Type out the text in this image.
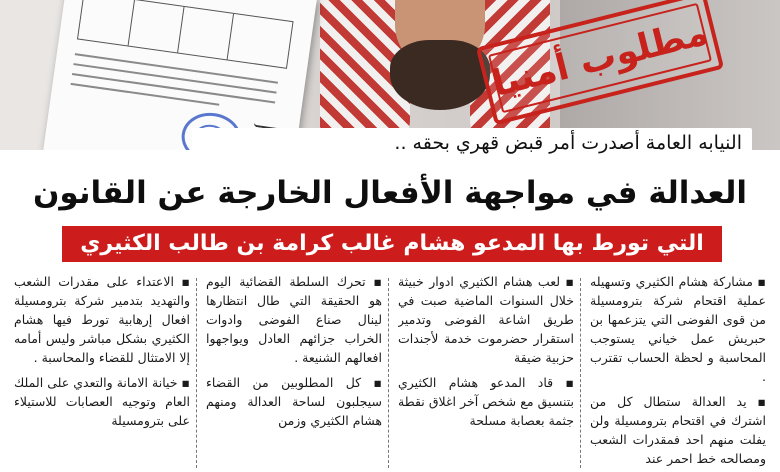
مطلوب أمنيا
النيابه العامة أصدرت أمر قبض قهري بحقه ..
العدالة في مواجهة الأفعال الخارجة عن القانون
التي تورط بها المدعو هشام غالب كرامة بن طالب الكثيري

▪ مشاركة هشام الكثيري وتسهيله عملية اقتحام شركة بترومسيلة من قوى الفوضى التي يتزعمها بن حبريش عمل خياني يستوجب المحاسبة و لحظة الحساب تقترب .

▪ يد العدالة ستطال كل من اشترك في اقتحام بترومسيلة ولن يفلت منهم احد فمقدرات الشعب ومصالحه خط احمر عند

▪ لعب هشام الكثيري ادوار خبيثة خلال السنوات الماضية صبت في طريق اشاعة الفوضى وتدمير استقرار حضرموت خدمة لأجندات حزبية ضيقة

▪ قاد المدعو هشام الكثيري بتنسيق مع شخص آخر اغلاق نقطة جثمة بعصابة مسلحة

▪ تحرك السلطة القضائية اليوم هو الحقيقة التي طال انتظارها لينال صناع الفوضى وادوات الخراب جزائهم العادل ويواجهوا افعالهم الشنيعة .

▪ كل المطلوبين من القضاء سيجلبون لساحة العدالة ومنهم هشام الكثيري وزمن

▪ الاعتداء على مقدرات الشعب والتهديد بتدمير شركة بترومسيلة افعال إرهابية تورط فيها هشام الكثيري بشكل مباشر وليس أمامه إلا الامتثال للقضاء والمحاسبة .

▪ خيانة الامانة والتعدي على الملك العام وتوجيه العصابات للاستيلاء على بترومسيلة
